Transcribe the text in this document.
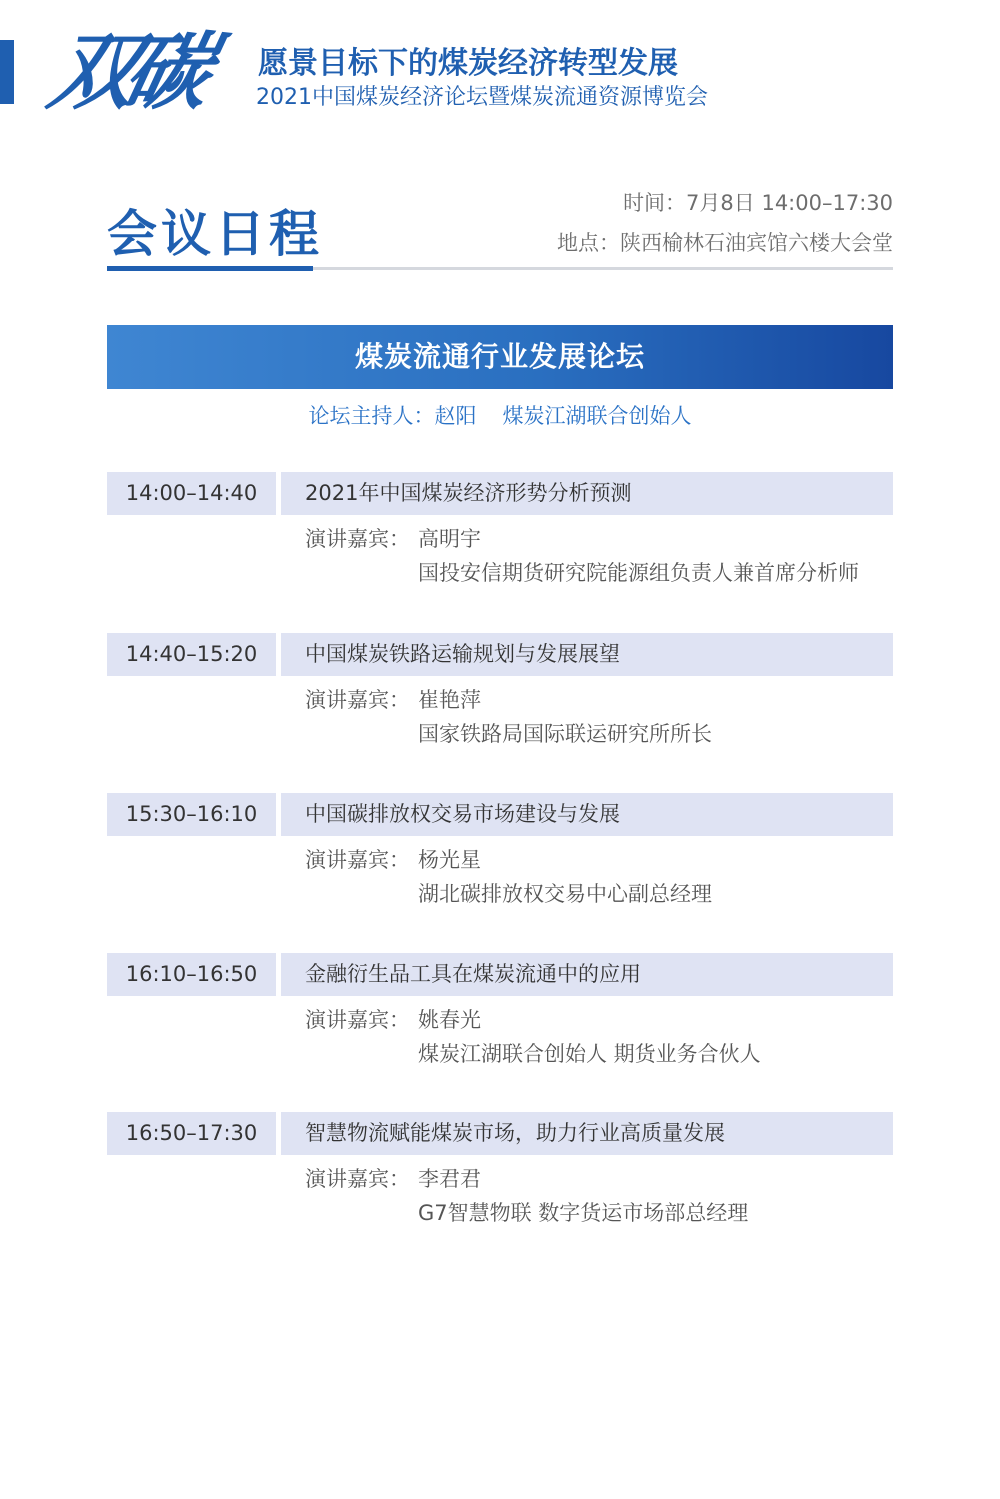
双碳 愿景目标下的煤炭经济转型发展
2021中国煤炭经济论坛暨煤炭流通资源博览会
会议日程
时间：7月8日 14:00–17:30
地点：陕西榆林石油宾馆六楼大会堂
煤炭流通行业发展论坛
论坛主持人：赵阳 煤炭江湖联合创始人
14:00–14:40	2021年中国煤炭经济形势分析预测
演讲嘉宾： 高明宇
国投安信期货研究院能源组负责人兼首席分析师
14:40–15:20	中国煤炭铁路运输规划与发展展望
演讲嘉宾： 崔艳萍
国家铁路局国际联运研究所所长
15:30–16:10	中国碳排放权交易市场建设与发展
演讲嘉宾： 杨光星
湖北碳排放权交易中心副总经理
16:10–16:50	金融衍生品工具在煤炭流通中的应用
演讲嘉宾： 姚春光
煤炭江湖联合创始人 期货业务合伙人
16:50–17:30	智慧物流赋能煤炭市场，助力行业高质量发展
演讲嘉宾： 李君君
G7智慧物联 数字货运市场部总经理
